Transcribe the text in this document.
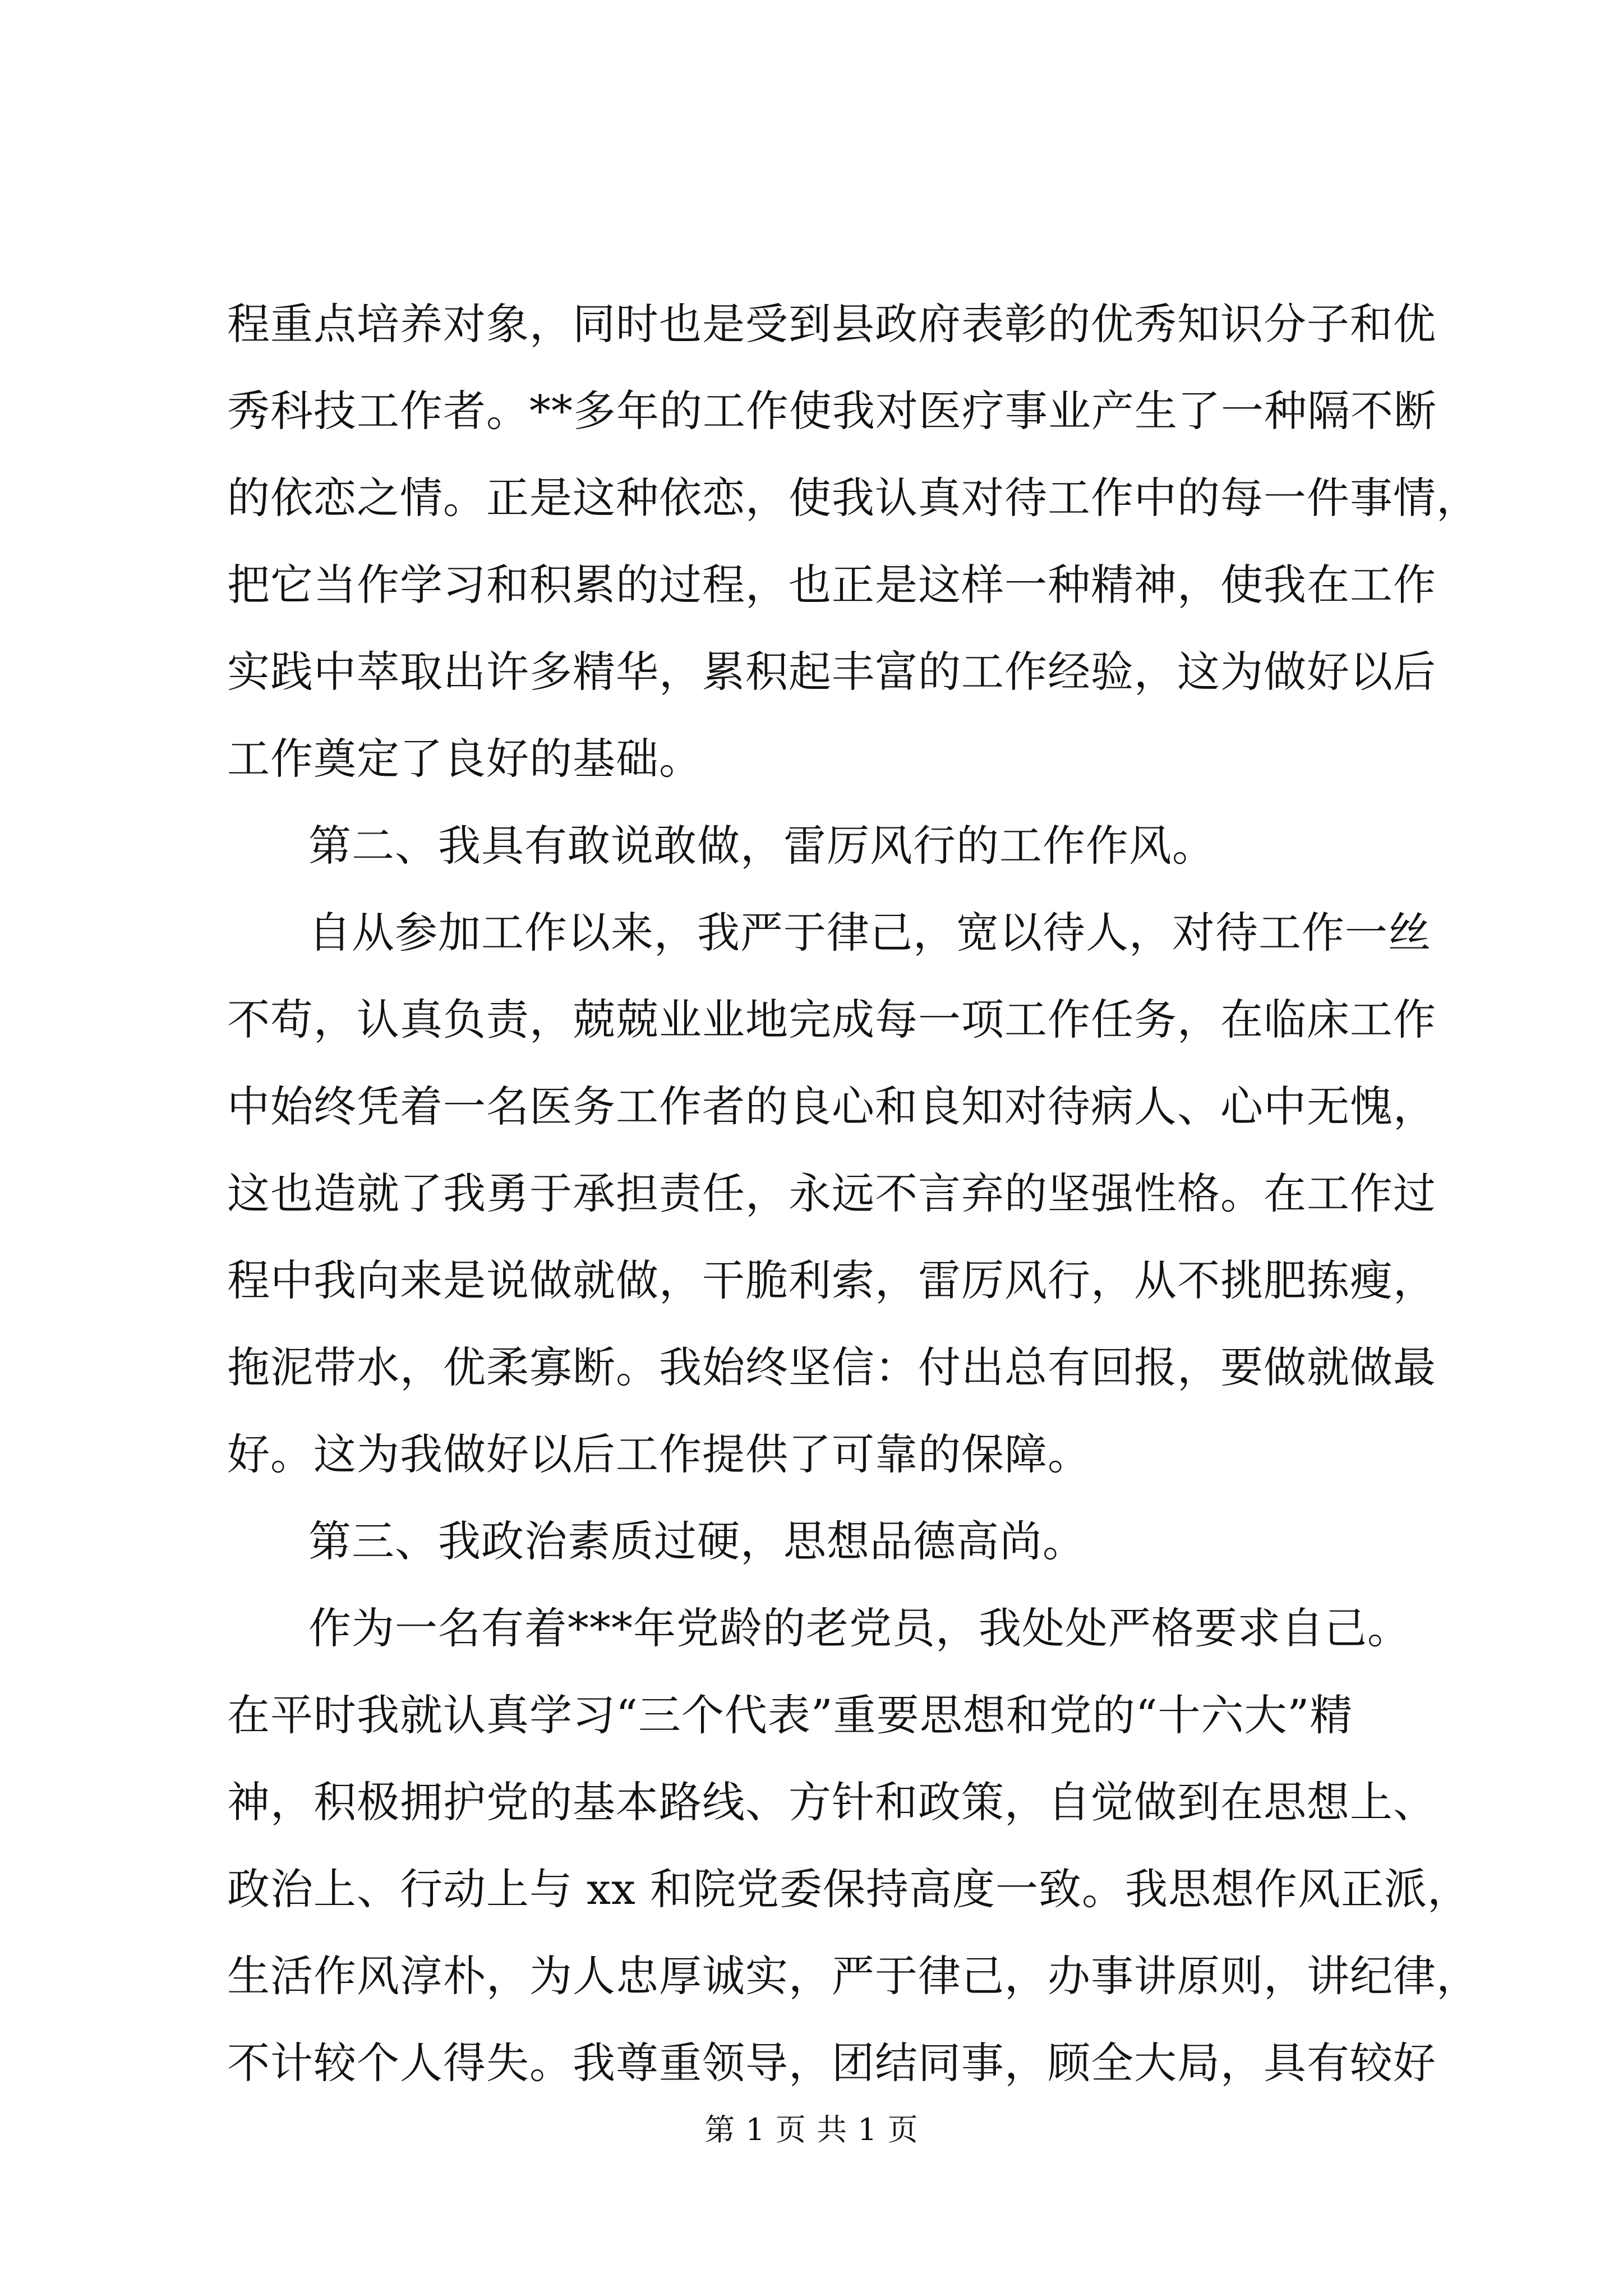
程重点培养对象，同时也是受到县政府表彰的优秀知识分子和优
秀科技工作者。**多年的工作使我对医疗事业产生了一种隔不断
的依恋之情。正是这种依恋，使我认真对待工作中的每一件事情，
把它当作学习和积累的过程，也正是这样一种精神，使我在工作
实践中萃取出许多精华，累积起丰富的工作经验，这为做好以后
工作奠定了良好的基础。
第二、我具有敢说敢做，雷厉风行的工作作风。
自从参加工作以来，我严于律己，宽以待人，对待工作一丝
不苟，认真负责，兢兢业业地完成每一项工作任务，在临床工作
中始终凭着一名医务工作者的良心和良知对待病人、心中无愧，
这也造就了我勇于承担责任，永远不言弃的坚强性格。在工作过
程中我向来是说做就做，干脆利索，雷厉风行，从不挑肥拣瘦，
拖泥带水，优柔寡断。我始终坚信：付出总有回报，要做就做最
好。这为我做好以后工作提供了可靠的保障。
第三、我政治素质过硬，思想品德高尚。
作为一名有着***年党龄的老党员，我处处严格要求自己。
在平时我就认真学习“三个代表”重要思想和党的“十六大”精
神，积极拥护党的基本路线、方针和政策，自觉做到在思想上、
政治上、行动上与 xx 和院党委保持高度一致。我思想作风正派，
生活作风淳朴，为人忠厚诚实，严于律己，办事讲原则，讲纪律，
不计较个人得失。我尊重领导，团结同事，顾全大局，具有较好
第 1 页 共 1 页
